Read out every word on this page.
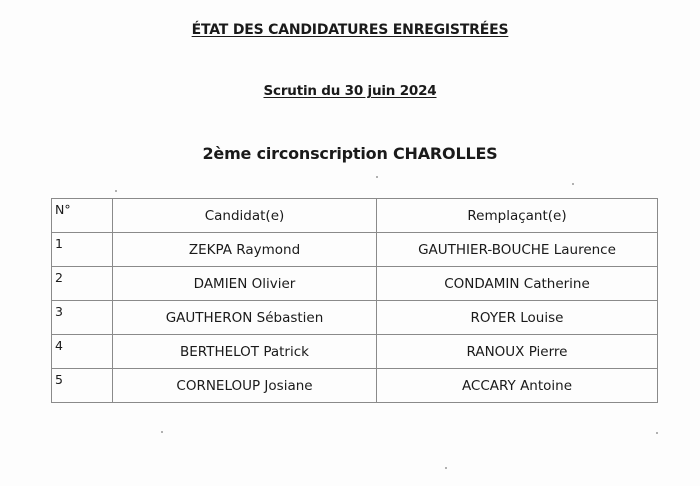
ÉTAT DES CANDIDATURES ENREGISTRÉES
Scrutin du 30 juin 2024
2ème circonscription CHAROLLES
N°	Candidat(e)	Remplaçant(e)
1	ZEKPA Raymond	GAUTHIER-BOUCHE Laurence
2	DAMIEN Olivier	CONDAMIN Catherine
3	GAUTHERON Sébastien	ROYER Louise
4	BERTHELOT Patrick	RANOUX Pierre
5	CORNELOUP Josiane	ACCARY Antoine
